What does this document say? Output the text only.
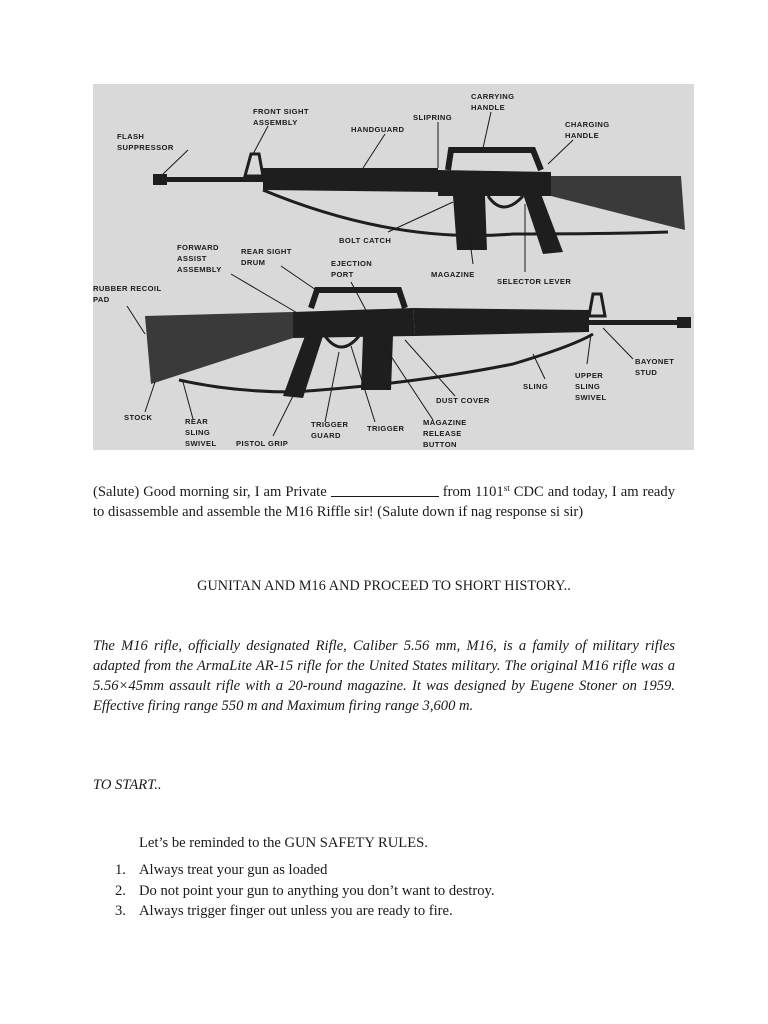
FLASH SUPPRESSOR
FRONT SIGHT ASSEMBLY
HANDGUARD
SLIPRING
CARRYING HANDLE
CHARGING HANDLE
BOLT CATCH
MAGAZINE
SELECTOR LEVER
FORWARD ASSIST ASSEMBLY
REAR SIGHT DRUM	EJECTION PORT
RUBBER RECOIL PAD
BAYONET STUD
SLING
UPPER SLING SWIVEL
DUST COVER
STOCK	REAR SLING SWIVEL	PISTOL GRIP
TRIGGER GUARD
TRIGGER
MAGAZINE RELEASE BUTTON
(Salute) Good morning sir, I am Private	from 1101st CDC and today, I am ready to disassemble and assemble the M16 Riffle sir! (Salute down if nag response si sir)
GUNITAN AND M16 AND PROCEED TO SHORT HISTORY..
The M16 rifle, officially designated Rifle, Caliber 5.56 mm, M16, is a family of military rifles adapted from the ArmaLite AR-15 rifle for the United States military. The original M16 rifle was a 5.56×45mm assault rifle with a 20-round magazine. It was designed by Eugene Stoner on 1959. Effective firing range 550 m and Maximum firing range 3,600 m.
TO START..
Let’s be reminded to the GUN SAFETY RULES.
1. Always treat your gun as loaded
2. Do not point your gun to anything you don’t want to destroy.
3. Always trigger finger out unless you are ready to fire.
